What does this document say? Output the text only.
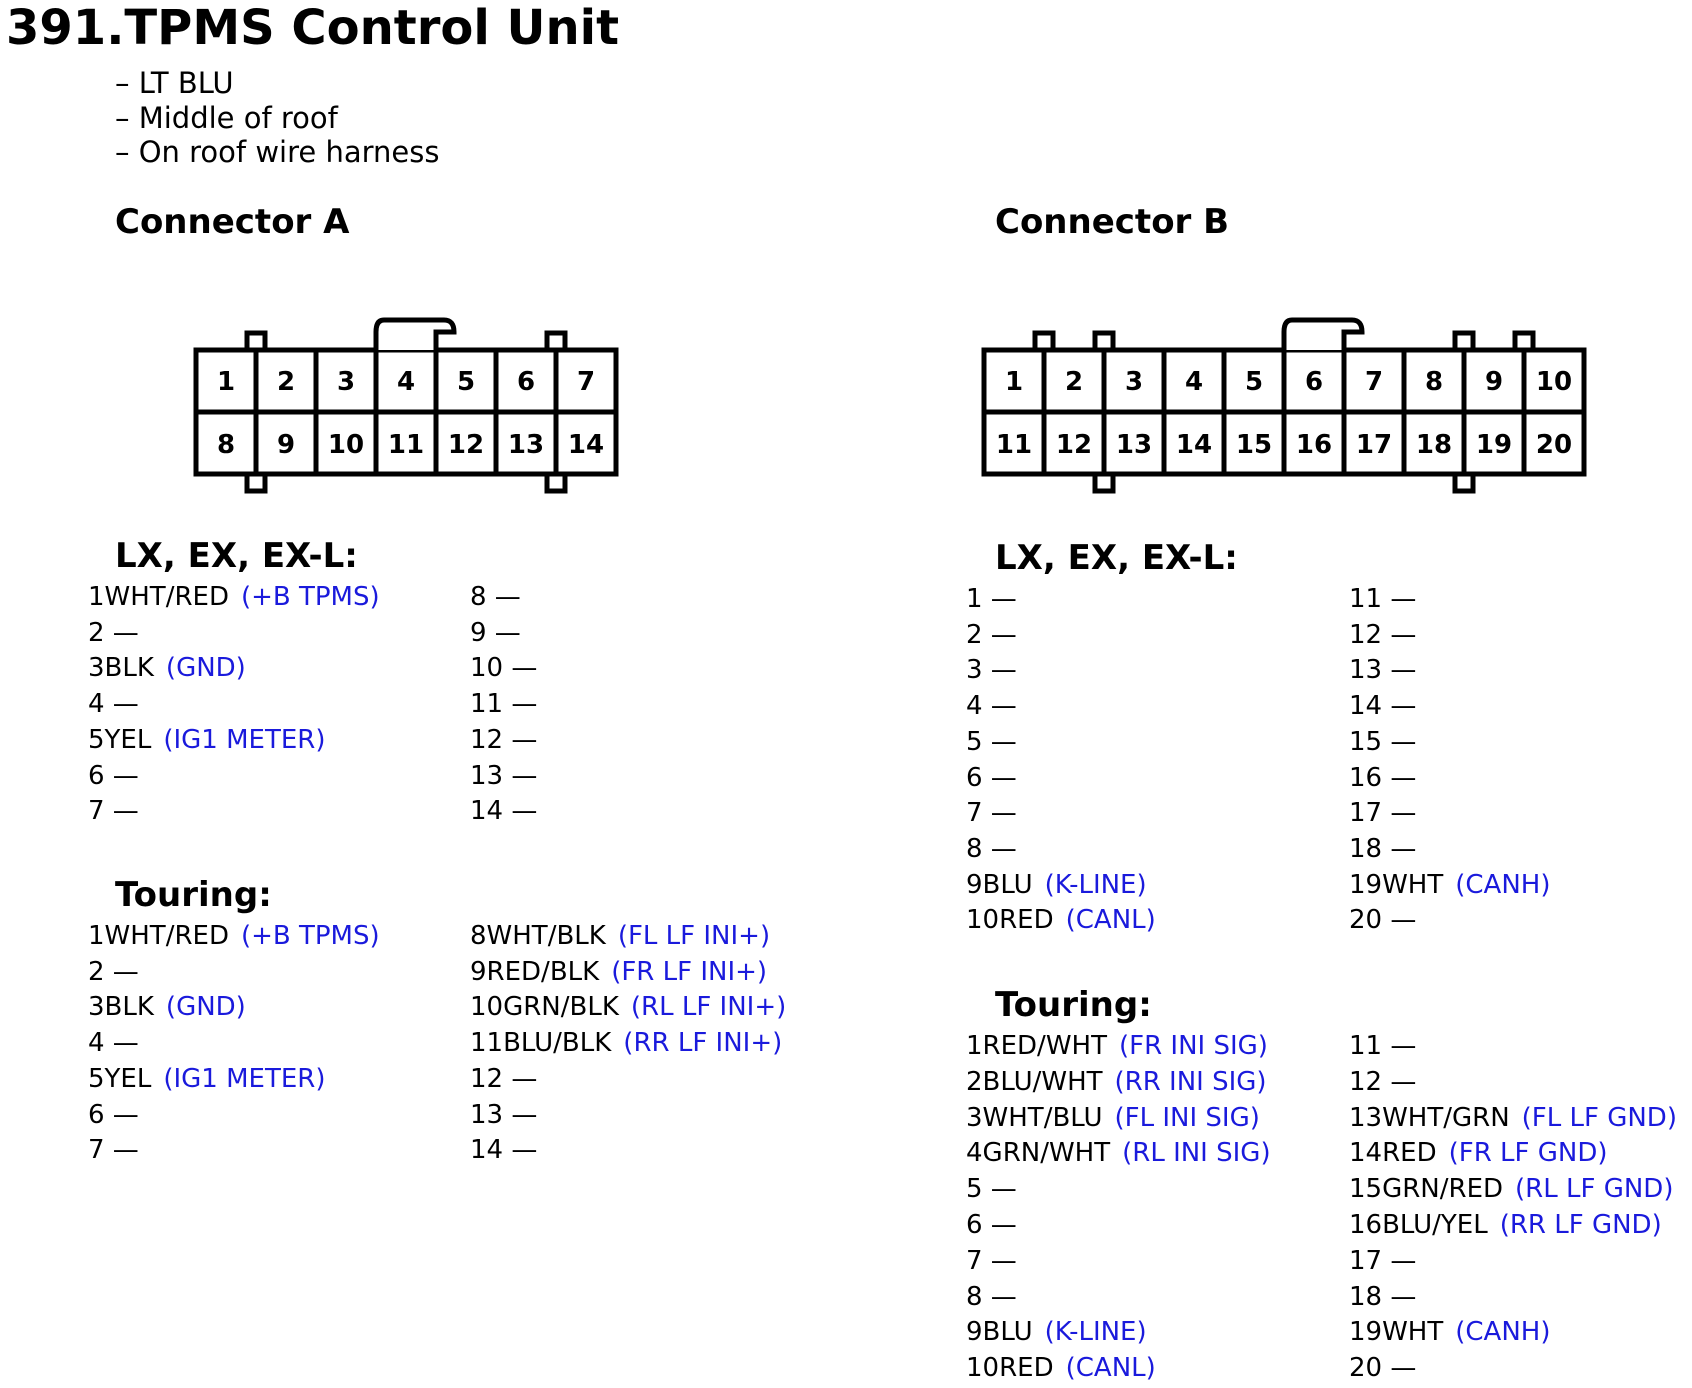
391.TPMS Control Unit
– LT BLU
– Middle of roof
– On roof wire harness
Connector A	Connector B
1 2 3 4 5 6 7
8 9 10 11 12 13 14
1 2 3 4 5 6 7 8 9 10
11 12 13 14 15 16 17 18 19 20
LX, EX, EX-L:	LX, EX, EX-L:
Touring:
Touring:
1WHT/RED (+B TPMS)
2 —
3BLK (GND)
4 —
5YEL (IG1 METER)
6 —
7 —
8 —
9 —
10 —
11 —
12 —
13 —
14 —
1WHT/RED (+B TPMS)
2 —
3BLK (GND)
4 —
5YEL (IG1 METER)
6 —
7 —
8WHT/BLK (FL LF INI+)
9RED/BLK (FR LF INI+)
10GRN/BLK (RL LF INI+)
11BLU/BLK (RR LF INI+)
12 —
13 —
14 —
1 —
2 —
3 —
4 —
5 —
6 —
7 —
8 —
9BLU (K-LINE)
10RED (CANL)
11 —
12 —
13 —
14 —
15 —
16 —
17 —
18 —
19WHT (CANH)
20 —
1RED/WHT (FR INI SIG)
2BLU/WHT (RR INI SIG)
3WHT/BLU (FL INI SIG)
4GRN/WHT (RL INI SIG)
5 —
6 —
7 —
8 —
9BLU (K-LINE)
10RED (CANL)
11 —
12 —
13WHT/GRN (FL LF GND)
14RED (FR LF GND)
15GRN/RED (RL LF GND)
16BLU/YEL (RR LF GND)
17 —
18 —
19WHT (CANH)
20 —
